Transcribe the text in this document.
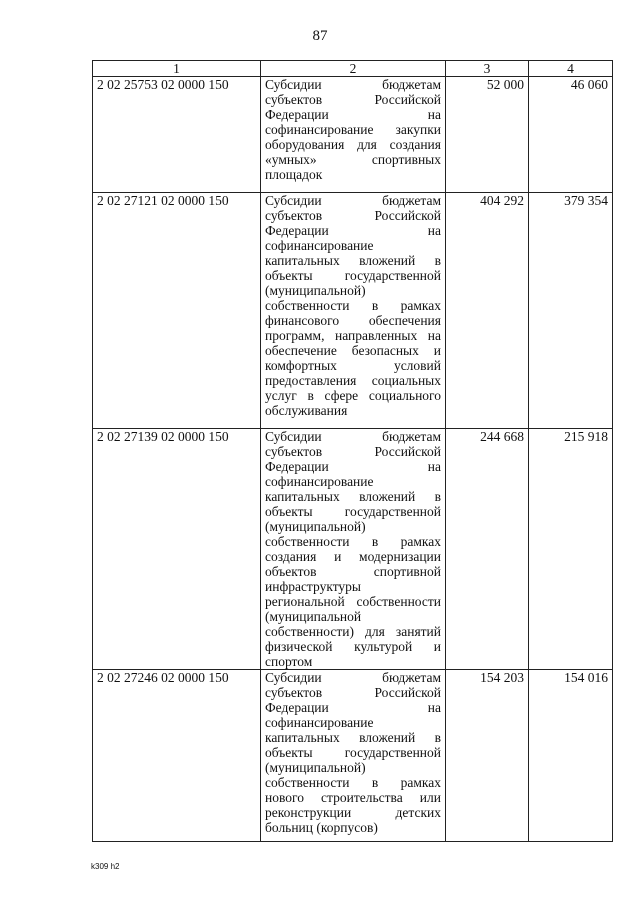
87
1	2	3	4
2 02 25753 02 0000 150	Субсидии бюджетам субъектов Российской Федерации на софинансирование закупки оборудования для создания «умных» спортивных площадок	52 000	46 060
2 02 27121 02 0000 150	Субсидии бюджетам субъектов Российской Федерации на софинансирование капитальных вложений в объекты государственной (муниципальной) собственности в рамках финансового обеспечения программ, направленных на обеспечение безопасных и комфортных условий предоставления социальных услуг в сфере социального обслуживания	404 292	379 354
2 02 27139 02 0000 150	Субсидии бюджетам субъектов Российской Федерации на софинансирование капитальных вложений в объекты государственной (муниципальной) собственности в рамках создания и модернизации объектов спортивной инфраструктуры региональной собственности (муниципальной собственности) для занятий физической культурой и спортом	244 668	215 918
2 02 27246 02 0000 150	Субсидии бюджетам субъектов Российской Федерации на софинансирование капитальных вложений в объекты государственной (муниципальной) собственности в рамках нового строительства или реконструкции детских больниц (корпусов)	154 203	154 016
k309 h2
